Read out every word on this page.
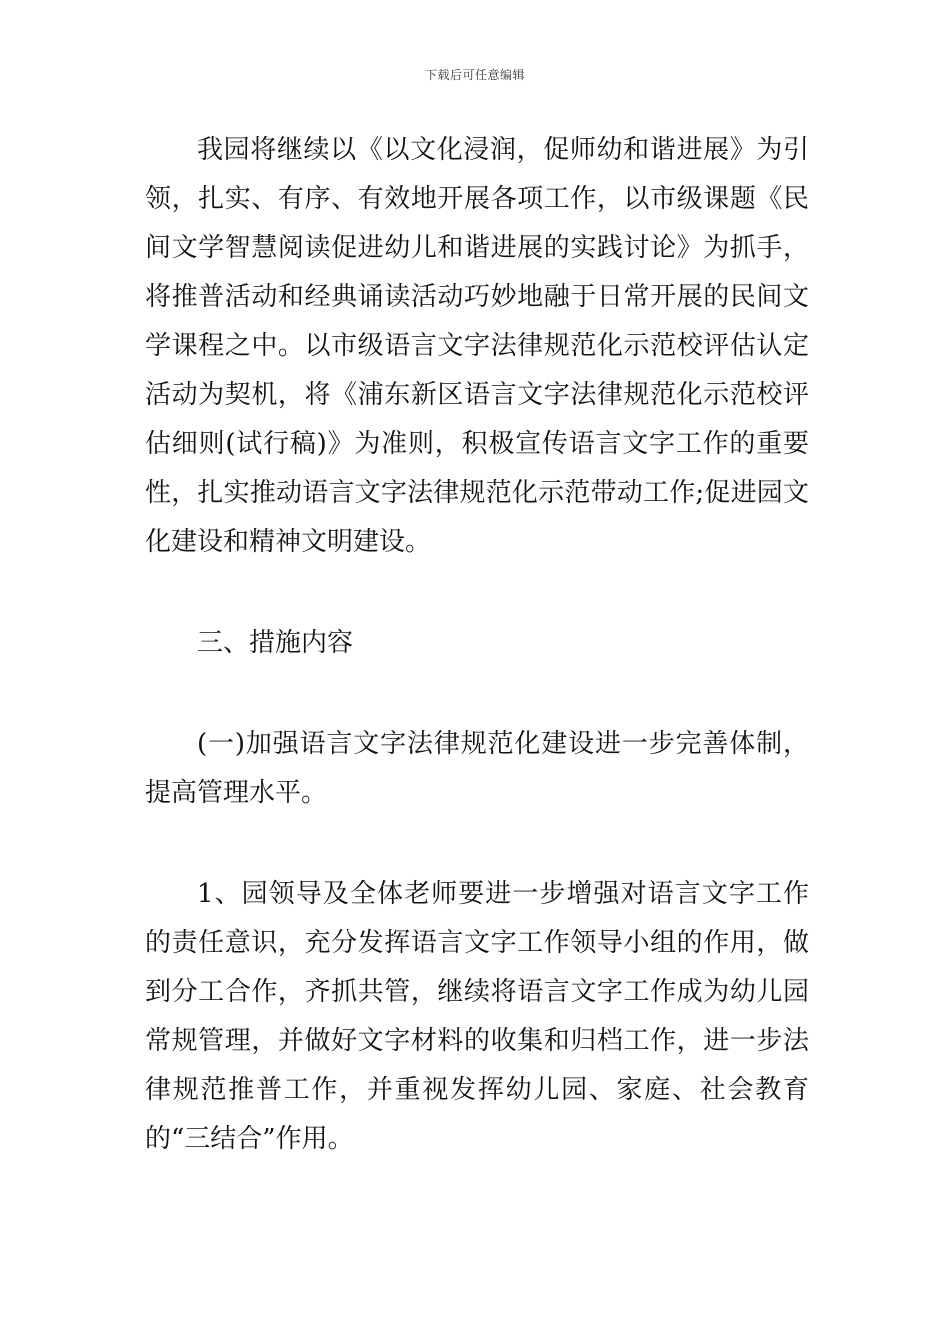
下载后可任意编辑

我园将继续以《以文化浸润，促师幼和谐进展》为引领，扎实、有序、有效地开展各项工作，以市级课题《民间文学智慧阅读促进幼儿和谐进展的实践讨论》为抓手，将推普活动和经典诵读活动巧妙地融于日常开展的民间文学课程之中。以市级语言文字法律规范化示范校评估认定活动为契机，将《浦东新区语言文字法律规范化示范校评估细则(试行稿)》为准则，积极宣传语言文字工作的重要性，扎实推动语言文字法律规范化示范带动工作;促进园文化建设和精神文明建设。

三、措施内容

(一)加强语言文字法律规范化建设进一步完善体制，提高管理水平。

1、园领导及全体老师要进一步增强对语言文字工作的责任意识，充分发挥语言文字工作领导小组的作用，做到分工合作，齐抓共管，继续将语言文字工作成为幼儿园常规管理，并做好文字材料的收集和归档工作，进一步法律规范推普工作，并重视发挥幼儿园、家庭、社会教育的“三结合”作用。
